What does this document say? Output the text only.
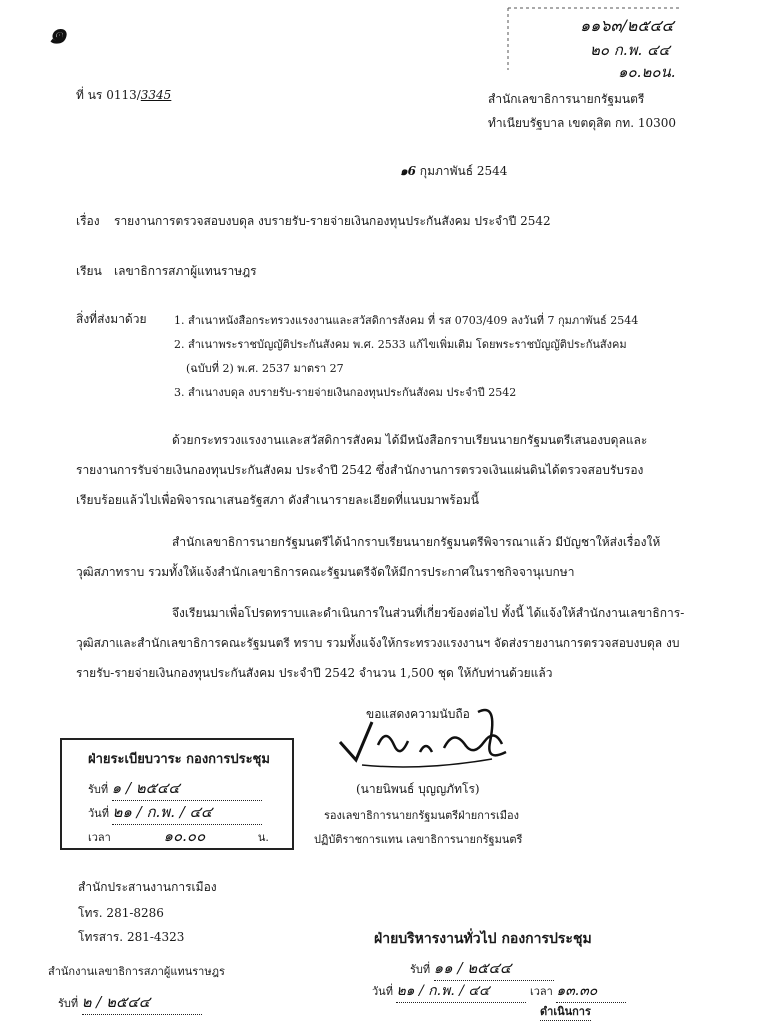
๑	๑๑๖๓/๒๕๔๔
๒๐ ก.พ. ๔๔
๑๐.๒๐น.
ที่ นร 0113/3345	สำนักเลขาธิการนายกรัฐมนตรี
ทำเนียบรัฐบาล เขตดุสิต กท. 10300
๑6 กุมภาพันธ์ 2544
เรื่อง รายงานการตรวจสอบงบดุล งบรายรับ-รายจ่ายเงินกองทุนประกันสังคม ประจำปี 2542
เรียน เลขาธิการสภาผู้แทนราษฎร
สิ่งที่ส่งมาด้วย	1. สำเนาหนังสือกระทรวงแรงงานและสวัสดิการสังคม ที่ รส 0703/409 ลงวันที่ 7 กุมภาพันธ์ 2544
2. สำเนาพระราชบัญญัติประกันสังคม พ.ศ. 2533 แก้ไขเพิ่มเติม โดยพระราชบัญญัติประกันสังคม
(ฉบับที่ 2) พ.ศ. 2537 มาตรา 27
3. สำเนางบดุล งบรายรับ-รายจ่ายเงินกองทุนประกันสังคม ประจำปี 2542
ด้วยกระทรวงแรงงานและสวัสดิการสังคม ได้มีหนังสือกราบเรียนนายกรัฐมนตรีเสนองบดุลและ
รายงานการรับจ่ายเงินกองทุนประกันสังคม ประจำปี 2542 ซึ่งสำนักงานการตรวจเงินแผ่นดินได้ตรวจสอบรับรอง
เรียบร้อยแล้วไปเพื่อพิจารณาเสนอรัฐสภา ดังสำเนารายละเอียดที่แนบมาพร้อมนี้
สำนักเลขาธิการนายกรัฐมนตรีได้นำกราบเรียนนายกรัฐมนตรีพิจารณาแล้ว มีบัญชาให้ส่งเรื่องให้
วุฒิสภาทราบ รวมทั้งให้แจ้งสำนักเลขาธิการคณะรัฐมนตรีจัดให้มีการประกาศในราชกิจจานุเบกษา
จึงเรียนมาเพื่อโปรดทราบและดำเนินการในส่วนที่เกี่ยวข้องต่อไป ทั้งนี้ ได้แจ้งให้สำนักงานเลขาธิการ-
วุฒิสภาและสำนักเลขาธิการคณะรัฐมนตรี ทราบ รวมทั้งแจ้งให้กระทรวงแรงงานฯ จัดส่งรายงานการตรวจสอบงบดุล งบ
รายรับ-รายจ่ายเงินกองทุนประกันสังคม ประจำปี 2542 จำนวน 1,500 ชุด ให้กับท่านด้วยแล้ว
ขอแสดงความนับถือ
(นายนิพนธ์ บุญญภัทโร)
รองเลขาธิการนายกรัฐมนตรีฝ่ายการเมือง
ปฏิบัติราชการแทน เลขาธิการนายกรัฐมนตรี
ฝ่ายระเบียบวาระ กองการประชุม
รับที่ ๑ / ๒๕๔๔
วันที่ ๒๑ / ก.พ. / ๔๔
เวลา	๑๐.๐๐	น.
สำนักประสานงานการเมือง
โทร. 281-8286
โทรสาร. 281-4323
สำนักงานเลขาธิการสภาผู้แทนราษฎร
รับที่ ๒ / ๒๕๔๔
ฝ่ายบริหารงานทั่วไป กองการประชุม
รับที่ ๑๑ / ๒๕๔๔
วันที่ ๒๑ / ก.พ. / ๔๔	เวลา ๑๓.๓๐
ดำเนินการ
